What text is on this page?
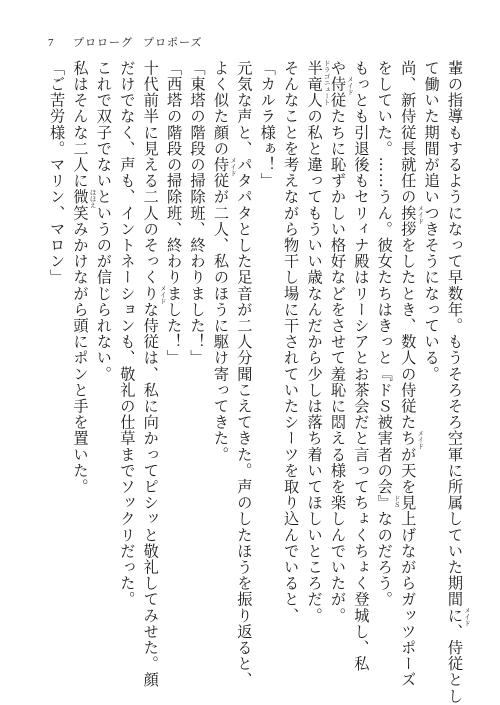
7 プロローグ プロポーズ
輩の指導もするようになって早数年。もうそろそろ空軍に所属していた期間に、侍従とし
て働いた期間が追いつきそうになっている。
尚、新侍従長就任の挨拶をしたとき、数人の侍従たちが天を見上げながらガッツポーズ
をしていた。……うん。彼女たちはきっと『ドＳ被害者の会』なのだろう。
もっとも引退後もセリィナ殿はリーシアとお茶会だと言ってちょくちょく登城し、私
や侍従たちに恥ずかしい格好などをさせて羞恥に悶える様を楽しんでいたが。
半竜人の私と違ってもういい歳なんだから少しは落ち着いてほしいところだ。
そんなことを考えながら物干し場に干されていたシーツを取り込んでいると、
「カルラ様ぁ！」
元気な声と、パタパタとした足音が二人分聞こえてきた。声のしたほうを振り返ると、
よく似た顔の侍従が二人、私のほうに駆け寄ってきた。
「東塔の階段の掃除班、終わりました！」
「西塔の階段の掃除班、終わりました！」
十代前半に見える二人のそっくりな侍従は、私に向かってピシッと敬礼してみせた。顔
だけでなく、声も、イントネーションも、敬礼の仕草までソックリだった。
これで双子でないというのが信じられない。
私はそんな二人に微笑みかけながら頭にポンと手を置いた。
「ご苦労様。マリン、マロン」
メイド
メイド
メイド
ドＳ
メイド
ドラゴニュート
ほほえ
メイド
メイド
